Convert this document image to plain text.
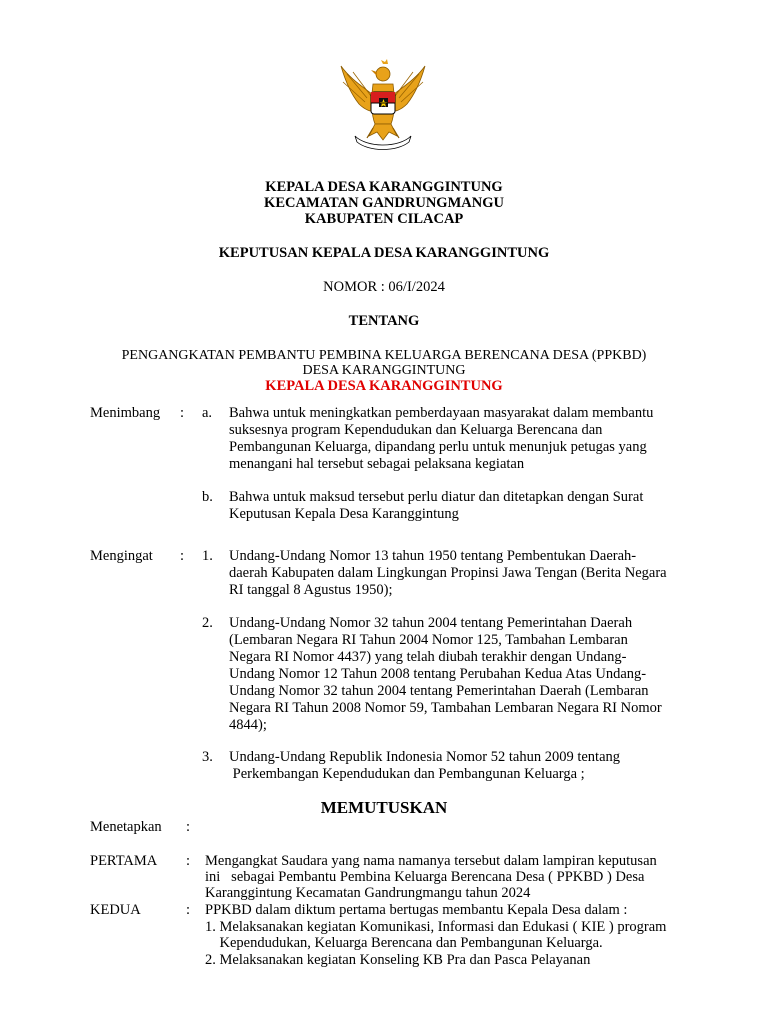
KEPALA DESA KARANGGINTUNG
KECAMATAN GANDRUNGMANGU
KABUPATEN CILACAP
KEPUTUSAN KEPALA DESA KARANGGINTUNG
NOMOR : 06/I/2024
TENTANG
PENGANGKATAN PEMBANTU PEMBINA KELUARGA BERENCANA DESA (PPKBD)
DESA KARANGGINTUNG
KEPALA DESA KARANGGINTUNG
Menimbang : a. Bahwa untuk meningkatkan pemberdayaan masyarakat dalam membantu
suksesnya program Kependudukan dan Keluarga Berencana dan
Pembangunan Keluarga, dipandang perlu untuk menunjuk petugas yang
menangani hal tersebut sebagai pelaksana kegiatan
b. Bahwa untuk maksud tersebut perlu diatur dan ditetapkan dengan Surat
Keputusan Kepala Desa Karanggintung
Mengingat : 1. Undang-Undang Nomor 13 tahun 1950 tentang Pembentukan Daerah-
daerah Kabupaten dalam Lingkungan Propinsi Jawa Tengan (Berita Negara
RI tanggal 8 Agustus 1950);
2. Undang-Undang Nomor 32 tahun 2004 tentang Pemerintahan Daerah
(Lembaran Negara RI Tahun 2004 Nomor 125, Tambahan Lembaran
Negara RI Nomor 4437) yang telah diubah terakhir dengan Undang-
Undang Nomor 12 Tahun 2008 tentang Perubahan Kedua Atas Undang-
Undang Nomor 32 tahun 2004 tentang Pemerintahan Daerah (Lembaran
Negara RI Tahun 2008 Nomor 59, Tambahan Lembaran Negara RI Nomor
4844);
3. Undang-Undang Republik Indonesia Nomor 52 tahun 2009 tentang
Perkembangan Kependudukan dan Pembangunan Keluarga ;
MEMUTUSKAN
Menetapkan :
PERTAMA : Mengangkat Saudara yang nama namanya tersebut dalam lampiran keputusan
ini   sebagai Pembantu Pembina Keluarga Berencana Desa ( PPKBD ) Desa
Karanggintung Kecamatan Gandrungmangu tahun 2024
KEDUA	: PPKBD dalam diktum pertama bertugas membantu Kepala Desa dalam :
1. Melaksanakan kegiatan Komunikasi, Informasi dan Edukasi ( KIE ) program
Kependudukan, Keluarga Berencana dan Pembangunan Keluarga.
2. Melaksanakan kegiatan Konseling KB Pra dan Pasca Pelayanan
